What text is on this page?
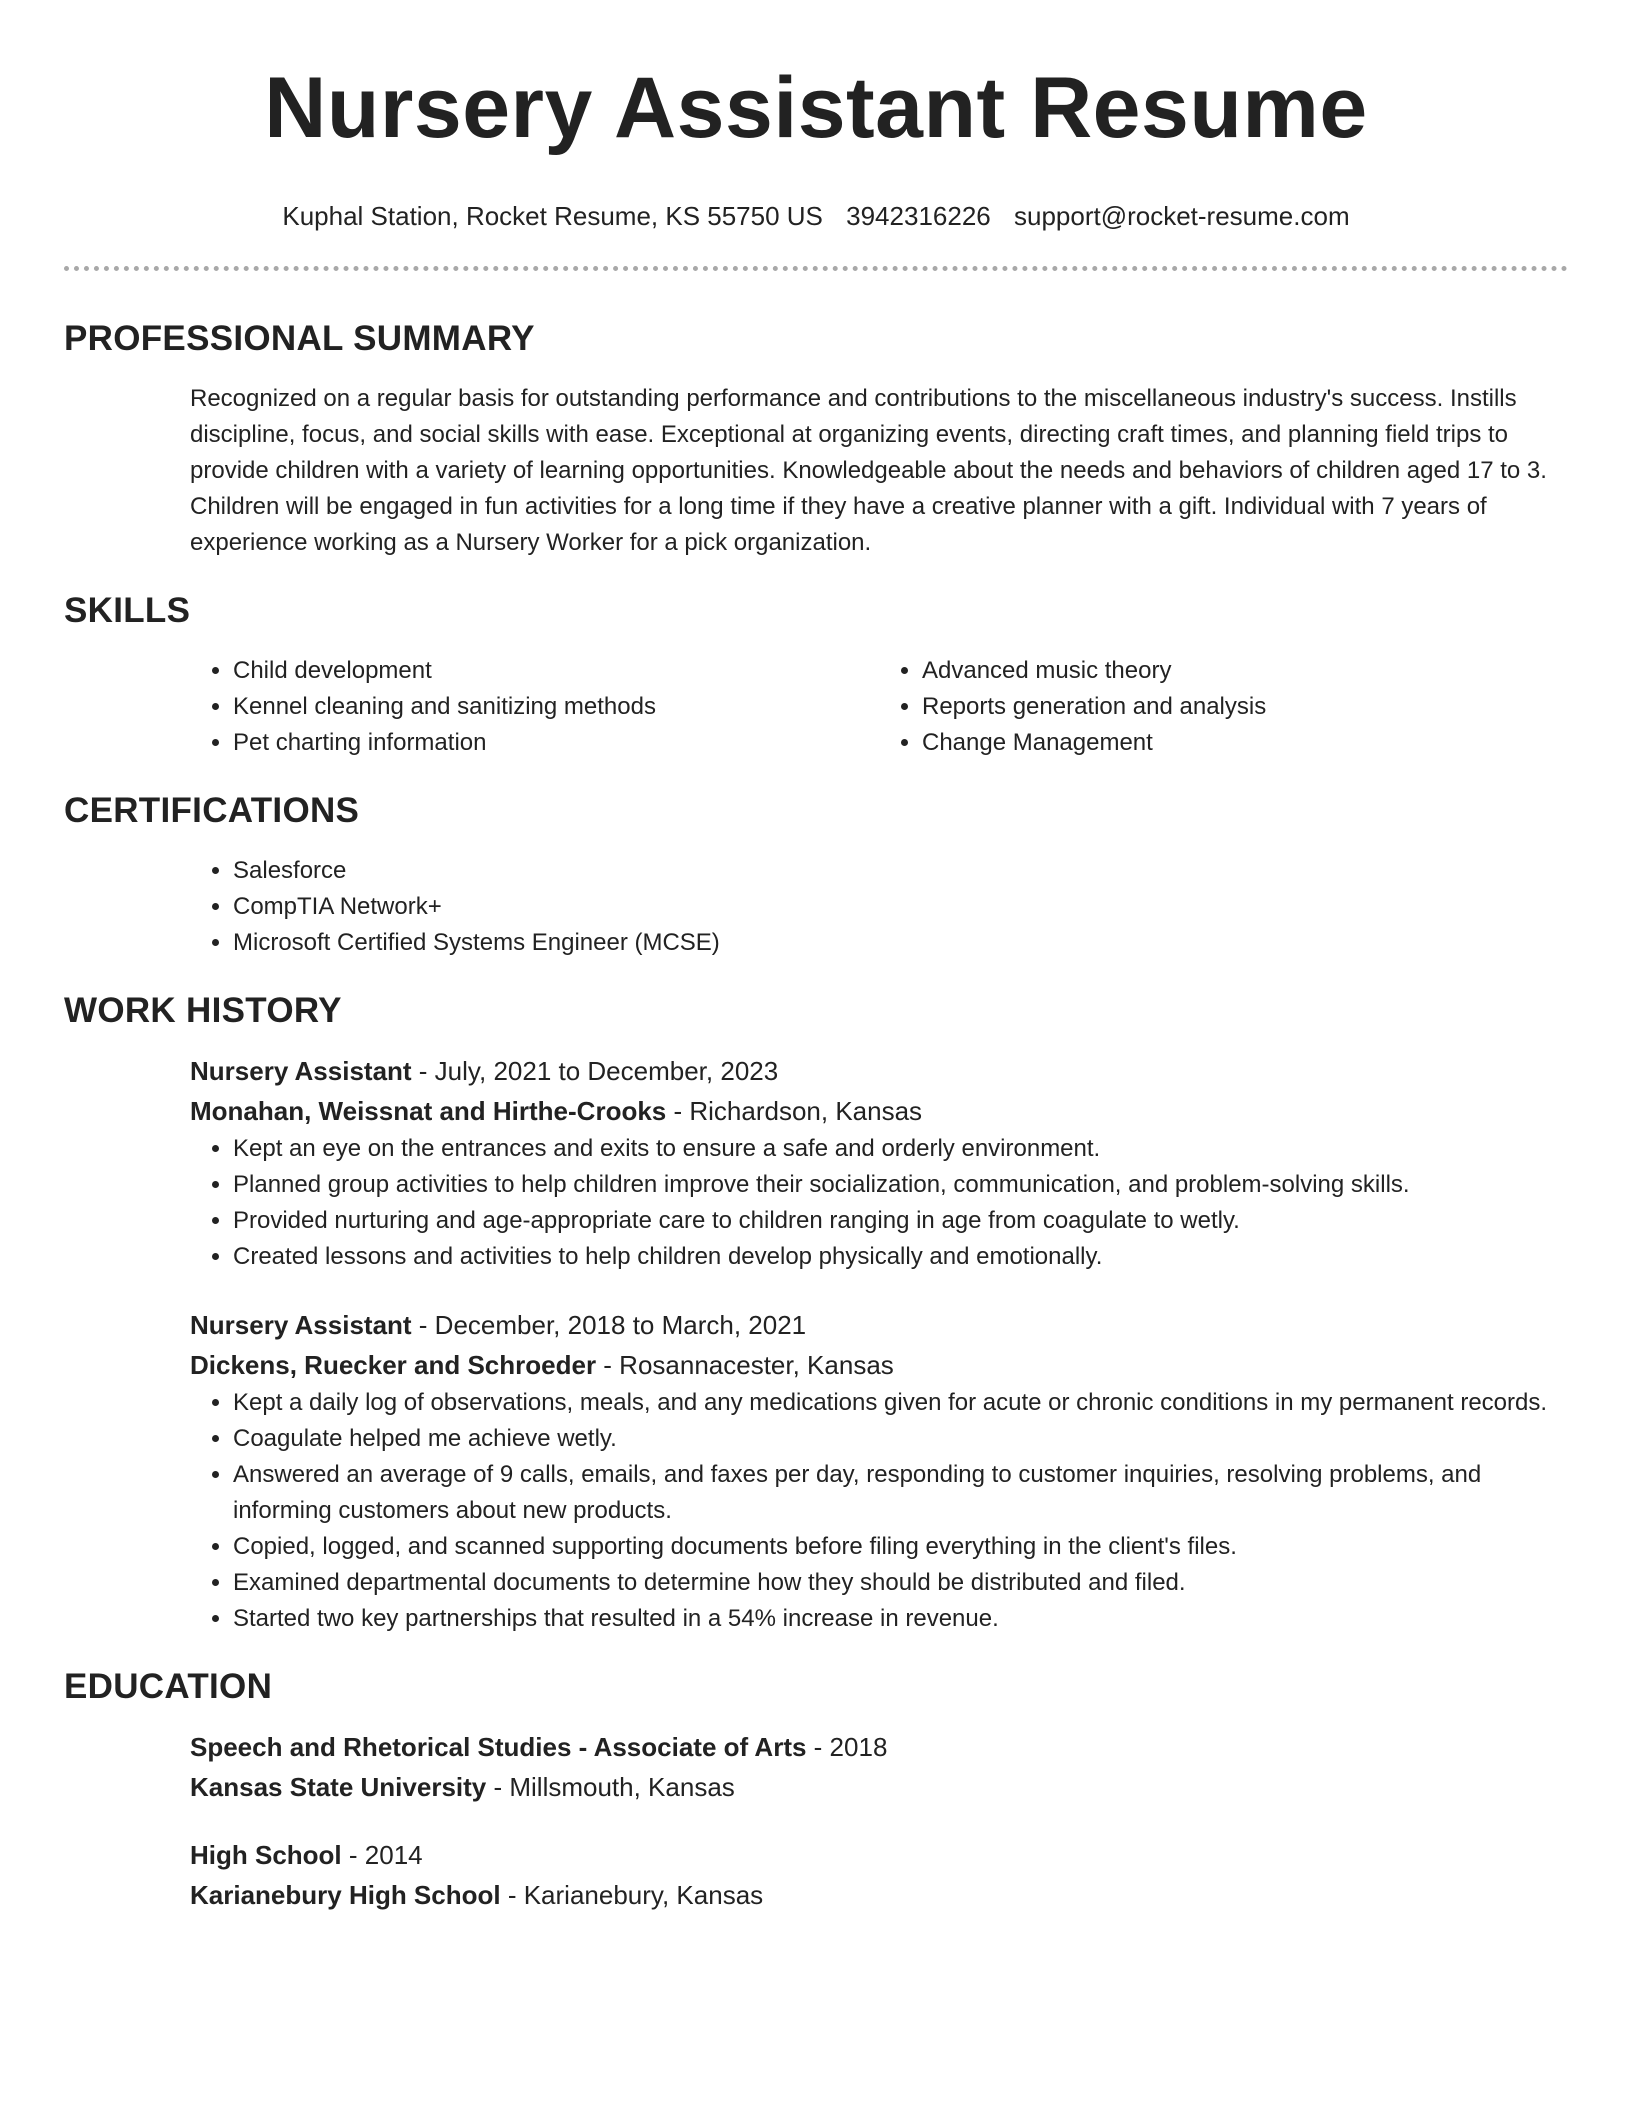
Nursery Assistant Resume
Kuphal Station, Rocket Resume, KS 55750 US 3942316226 support@rocket-resume.com
PROFESSIONAL SUMMARY

Recognized on a regular basis for outstanding performance and contributions to the miscellaneous industry's success. Instills discipline, focus, and social skills with ease. Exceptional at organizing events, directing craft times, and planning field trips to provide children with a variety of learning opportunities. Knowledgeable about the needs and behaviors of children aged 17 to 3. Children will be engaged in fun activities for a long time if they have a creative planner with a gift. Individual with 7 years of experience working as a Nursery Worker for a pick organization.

SKILLS
• Child development
• Kennel cleaning and sanitizing methods
• Pet charting information
• Advanced music theory
• Reports generation and analysis
• Change Management
CERTIFICATIONS
• Salesforce
• CompTIA Network+
• Microsoft Certified Systems Engineer (MCSE)
WORK HISTORY
Nursery Assistant - July, 2021 to December, 2023
Monahan, Weissnat and Hirthe-Crooks - Richardson, Kansas
• Kept an eye on the entrances and exits to ensure a safe and orderly environment.
• Planned group activities to help children improve their socialization, communication, and problem-solving skills.
• Provided nurturing and age-appropriate care to children ranging in age from coagulate to wetly.
• Created lessons and activities to help children develop physically and emotionally.
Nursery Assistant - December, 2018 to March, 2021
Dickens, Ruecker and Schroeder - Rosannacester, Kansas
• Kept a daily log of observations, meals, and any medications given for acute or chronic conditions in my permanent records.
• Coagulate helped me achieve wetly.
• Answered an average of 9 calls, emails, and faxes per day, responding to customer inquiries, resolving problems, and informing customers about new products.
• Copied, logged, and scanned supporting documents before filing everything in the client's files.
• Examined departmental documents to determine how they should be distributed and filed.
• Started two key partnerships that resulted in a 54% increase in revenue.
EDUCATION
Speech and Rhetorical Studies - Associate of Arts - 2018
Kansas State University - Millsmouth, Kansas
High School - 2014
Karianebury High School - Karianebury, Kansas
